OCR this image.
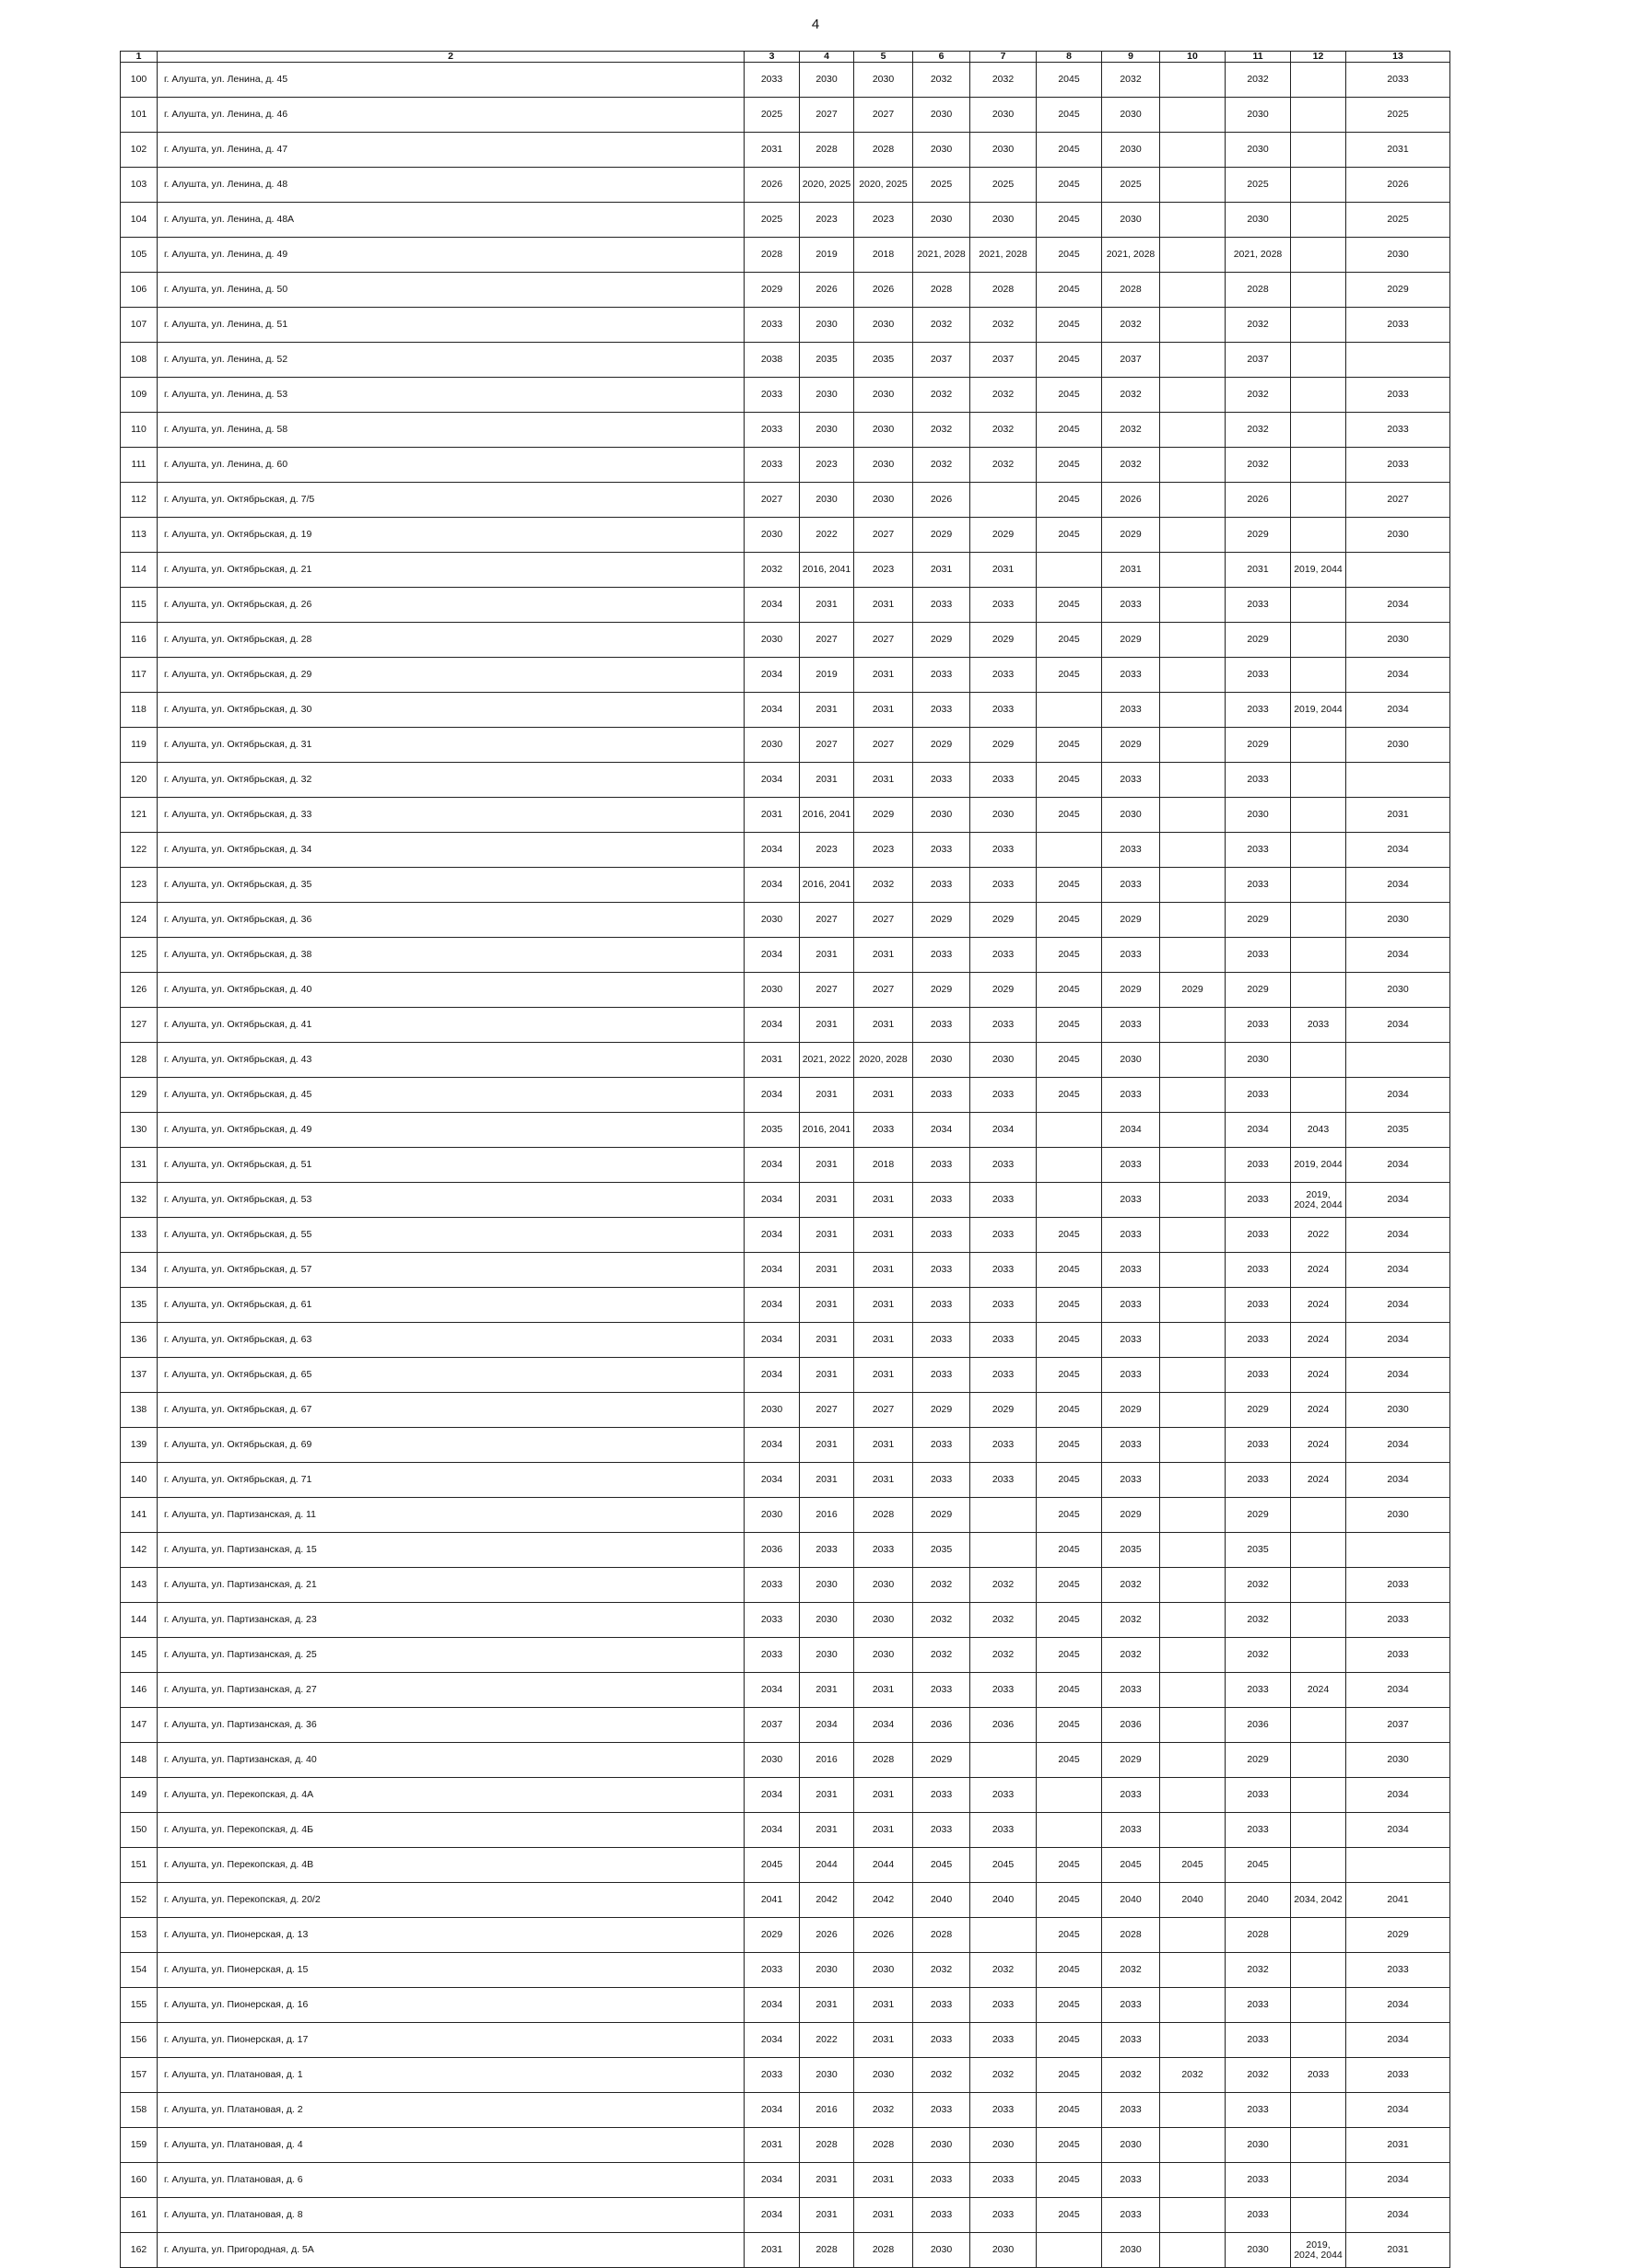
4
1	2	3	4	5	6	7	8	9	10	11	12	13
100	г. Алушта, ул. Ленина, д. 45	2033	2030	2030	2032	2032	2045	2032		2032		2033
101	г. Алушта, ул. Ленина, д. 46	2025	2027	2027	2030	2030	2045	2030		2030		2025
102	г. Алушта, ул. Ленина, д. 47	2031	2028	2028	2030	2030	2045	2030		2030		2031
103	г. Алушта, ул. Ленина, д. 48	2026	2020, 2025	2020, 2025	2025	2025	2045	2025		2025		2026
104	г. Алушта, ул. Ленина, д. 48А	2025	2023	2023	2030	2030	2045	2030		2030		2025
105	г. Алушта, ул. Ленина, д. 49	2028	2019	2018	2021, 2028	2021, 2028	2045	2021, 2028		2021, 2028		2030
106	г. Алушта, ул. Ленина, д. 50	2029	2026	2026	2028	2028	2045	2028		2028		2029
107	г. Алушта, ул. Ленина, д. 51	2033	2030	2030	2032	2032	2045	2032		2032		2033
108	г. Алушта, ул. Ленина, д. 52	2038	2035	2035	2037	2037	2045	2037		2037		
109	г. Алушта, ул. Ленина, д. 53	2033	2030	2030	2032	2032	2045	2032		2032		2033
110	г. Алушта, ул. Ленина, д. 58	2033	2030	2030	2032	2032	2045	2032		2032		2033
111	г. Алушта, ул. Ленина, д. 60	2033	2023	2030	2032	2032	2045	2032		2032		2033
112	г. Алушта, ул. Октябрьская, д. 7/5	2027	2030	2030	2026		2045	2026		2026		2027
113	г. Алушта, ул. Октябрьская, д. 19	2030	2022	2027	2029	2029	2045	2029		2029		2030
114	г. Алушта, ул. Октябрьская, д. 21	2032	2016, 2041	2023	2031	2031		2031		2031	2019, 2044	
115	г. Алушта, ул. Октябрьская, д. 26	2034	2031	2031	2033	2033	2045	2033		2033		2034
116	г. Алушта, ул. Октябрьская, д. 28	2030	2027	2027	2029	2029	2045	2029		2029		2030
117	г. Алушта, ул. Октябрьская, д. 29	2034	2019	2031	2033	2033	2045	2033		2033		2034
118	г. Алушта, ул. Октябрьская, д. 30	2034	2031	2031	2033	2033		2033		2033	2019, 2044	2034
119	г. Алушта, ул. Октябрьская, д. 31	2030	2027	2027	2029	2029	2045	2029		2029		2030
120	г. Алушта, ул. Октябрьская, д. 32	2034	2031	2031	2033	2033	2045	2033		2033		
121	г. Алушта, ул. Октябрьская, д. 33	2031	2016, 2041	2029	2030	2030	2045	2030		2030		2031
122	г. Алушта, ул. Октябрьская, д. 34	2034	2023	2023	2033	2033		2033		2033		2034
123	г. Алушта, ул. Октябрьская, д. 35	2034	2016, 2041	2032	2033	2033	2045	2033		2033		2034
124	г. Алушта, ул. Октябрьская, д. 36	2030	2027	2027	2029	2029	2045	2029		2029		2030
125	г. Алушта, ул. Октябрьская, д. 38	2034	2031	2031	2033	2033	2045	2033		2033		2034
126	г. Алушта, ул. Октябрьская, д. 40	2030	2027	2027	2029	2029	2045	2029	2029	2029		2030
127	г. Алушта, ул. Октябрьская, д. 41	2034	2031	2031	2033	2033	2045	2033		2033	2033	2034
128	г. Алушта, ул. Октябрьская, д. 43	2031	2021, 2022	2020, 2028	2030	2030	2045	2030		2030		
129	г. Алушта, ул. Октябрьская, д. 45	2034	2031	2031	2033	2033	2045	2033		2033		2034
130	г. Алушта, ул. Октябрьская, д. 49	2035	2016, 2041	2033	2034	2034		2034		2034	2043	2035
131	г. Алушта, ул. Октябрьская, д. 51	2034	2031	2018	2033	2033		2033		2033	2019, 2044	2034
132	г. Алушта, ул. Октябрьская, д. 53	2034	2031	2031	2033	2033		2033		2033	2019, 2024, 2044	2034
133	г. Алушта, ул. Октябрьская, д. 55	2034	2031	2031	2033	2033	2045	2033		2033	2022	2034
134	г. Алушта, ул. Октябрьская, д. 57	2034	2031	2031	2033	2033	2045	2033		2033	2024	2034
135	г. Алушта, ул. Октябрьская, д. 61	2034	2031	2031	2033	2033	2045	2033		2033	2024	2034
136	г. Алушта, ул. Октябрьская, д. 63	2034	2031	2031	2033	2033	2045	2033		2033	2024	2034
137	г. Алушта, ул. Октябрьская, д. 65	2034	2031	2031	2033	2033	2045	2033		2033	2024	2034
138	г. Алушта, ул. Октябрьская, д. 67	2030	2027	2027	2029	2029	2045	2029		2029	2024	2030
139	г. Алушта, ул. Октябрьская, д. 69	2034	2031	2031	2033	2033	2045	2033		2033	2024	2034
140	г. Алушта, ул. Октябрьская, д. 71	2034	2031	2031	2033	2033	2045	2033		2033	2024	2034
141	г. Алушта, ул. Партизанская, д. 11	2030	2016	2028	2029		2045	2029		2029		2030
142	г. Алушта, ул. Партизанская, д. 15	2036	2033	2033	2035		2045	2035		2035		
143	г. Алушта, ул. Партизанская, д. 21	2033	2030	2030	2032	2032	2045	2032		2032		2033
144	г. Алушта, ул. Партизанская, д. 23	2033	2030	2030	2032	2032	2045	2032		2032		2033
145	г. Алушта, ул. Партизанская, д. 25	2033	2030	2030	2032	2032	2045	2032		2032		2033
146	г. Алушта, ул. Партизанская, д. 27	2034	2031	2031	2033	2033	2045	2033		2033	2024	2034
147	г. Алушта, ул. Партизанская, д. 36	2037	2034	2034	2036	2036	2045	2036		2036		2037
148	г. Алушта, ул. Партизанская, д. 40	2030	2016	2028	2029		2045	2029		2029		2030
149	г. Алушта, ул. Перекопская, д. 4А	2034	2031	2031	2033	2033		2033		2033		2034
150	г. Алушта, ул. Перекопская, д. 4Б	2034	2031	2031	2033	2033		2033		2033		2034
151	г. Алушта, ул. Перекопская, д. 4В	2045	2044	2044	2045	2045	2045	2045	2045	2045		
152	г. Алушта, ул. Перекопская, д. 20/2	2041	2042	2042	2040	2040	2045	2040	2040	2040	2034, 2042	2041
153	г. Алушта, ул. Пионерская, д. 13	2029	2026	2026	2028		2045	2028		2028		2029
154	г. Алушта, ул. Пионерская, д. 15	2033	2030	2030	2032	2032	2045	2032		2032		2033
155	г. Алушта, ул. Пионерская, д. 16	2034	2031	2031	2033	2033	2045	2033		2033		2034
156	г. Алушта, ул. Пионерская, д. 17	2034	2022	2031	2033	2033	2045	2033		2033		2034
157	г. Алушта, ул. Платановая, д. 1	2033	2030	2030	2032	2032	2045	2032	2032	2032	2033	2033
158	г. Алушта, ул. Платановая, д. 2	2034	2016	2032	2033	2033	2045	2033		2033		2034
159	г. Алушта, ул. Платановая, д. 4	2031	2028	2028	2030	2030	2045	2030		2030		2031
160	г. Алушта, ул. Платановая, д. 6	2034	2031	2031	2033	2033	2045	2033		2033		2034
161	г. Алушта, ул. Платановая, д. 8	2034	2031	2031	2033	2033	2045	2033		2033		2034
162	г. Алушта, ул. Пригородная, д. 5А	2031	2028	2028	2030	2030		2030		2030	2019, 2024, 2044	2031
